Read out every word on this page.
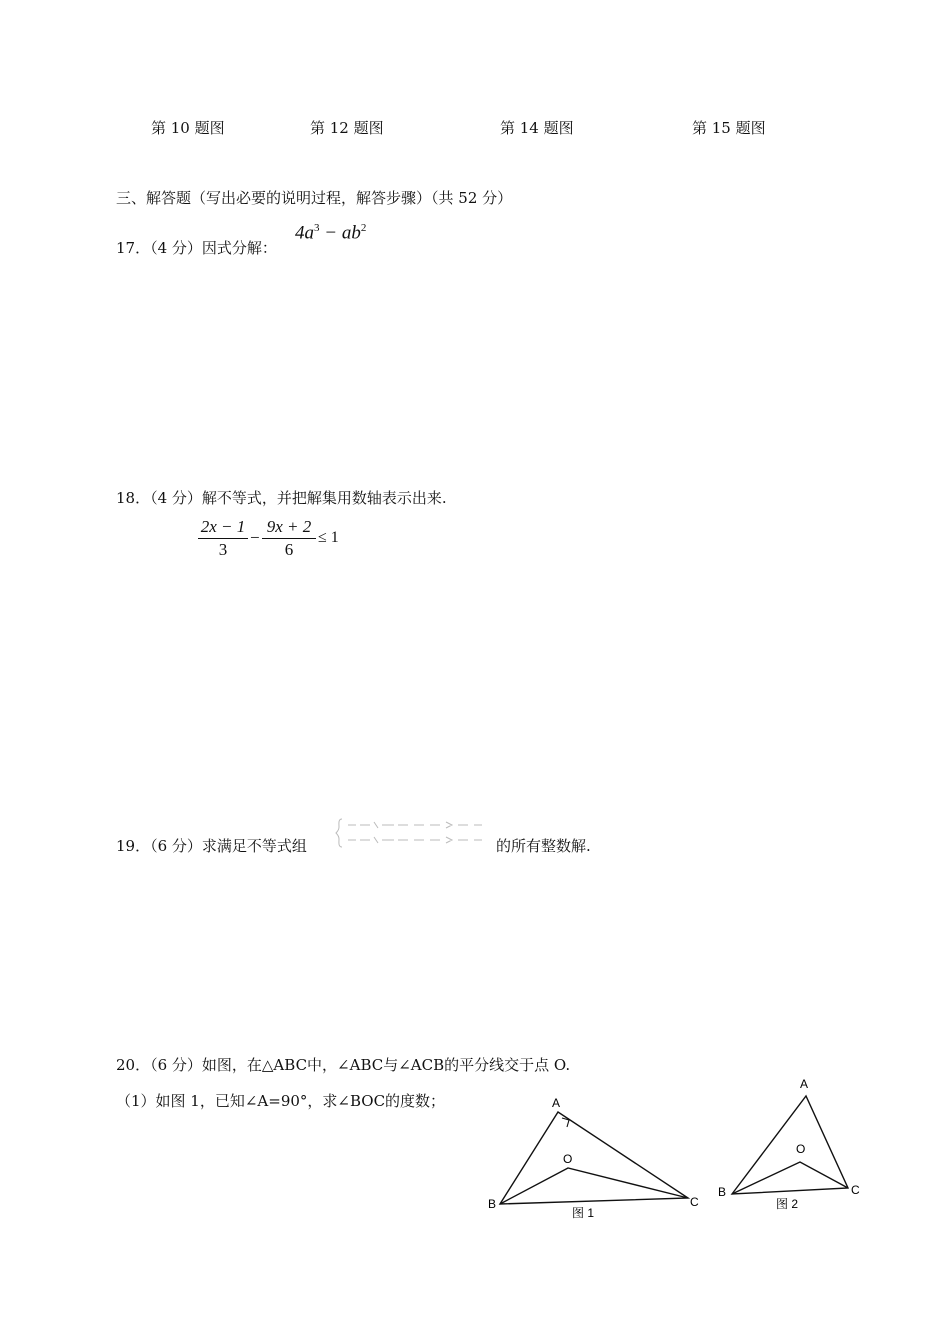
第 10 题图	第 12 题图	第 14 题图	第 15 题图
三、解答题（写出必要的说明过程，解答步骤）（共 52 分）
17．（4 分）因式分解：
$4a^3 - ab^2$
18．（4 分）解不等式，并把解集用数轴表示出来.
$\frac{2x - 1}{3} - \frac{9x + 2}{6} \le 1$
19．（6 分）求满足不等式组	的所有整数解.
20．（6 分）如图，在△ABC中，∠ABC与∠ACB的平分线交于点 O.
（1）如图 1，已知∠A=90°，求∠BOC的度数；	A
B	C
O
图 1
A
B	C
O
图 2
